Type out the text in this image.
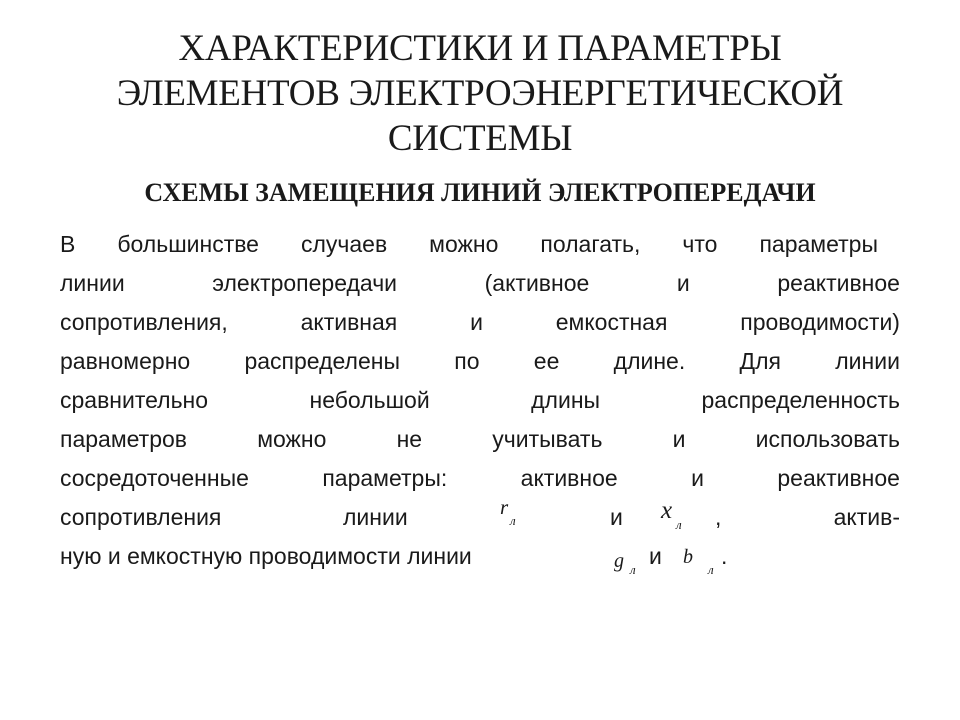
ХАРАКТЕРИСТИКИ И ПАРАМЕТРЫ
ЭЛЕМЕНТОВ ЭЛЕКТРОЭНЕРГЕТИЧЕСКОЙ
СИСТЕМЫ
СХЕМЫ ЗАМЕЩЕНИЯ ЛИНИЙ ЭЛЕКТРОПЕРЕДАЧИ
В большинстве случаев можно полагать, что параметры
линии	электропередачи	(активное	и	реактивное
сопротивления,	активная	и	емкостная	проводимости)
равномерно распределены по ее длине. Для линии
сравнительно	небольшой	длины	распределенность
параметров	можно	не	учитывать	и	использовать
сосредоточенные	параметры:	активное	и	реактивное
сопротивления	линии	r
л	и x
л ,	актив-
ную и емкостную проводимости линии	g л
и b
л
.
